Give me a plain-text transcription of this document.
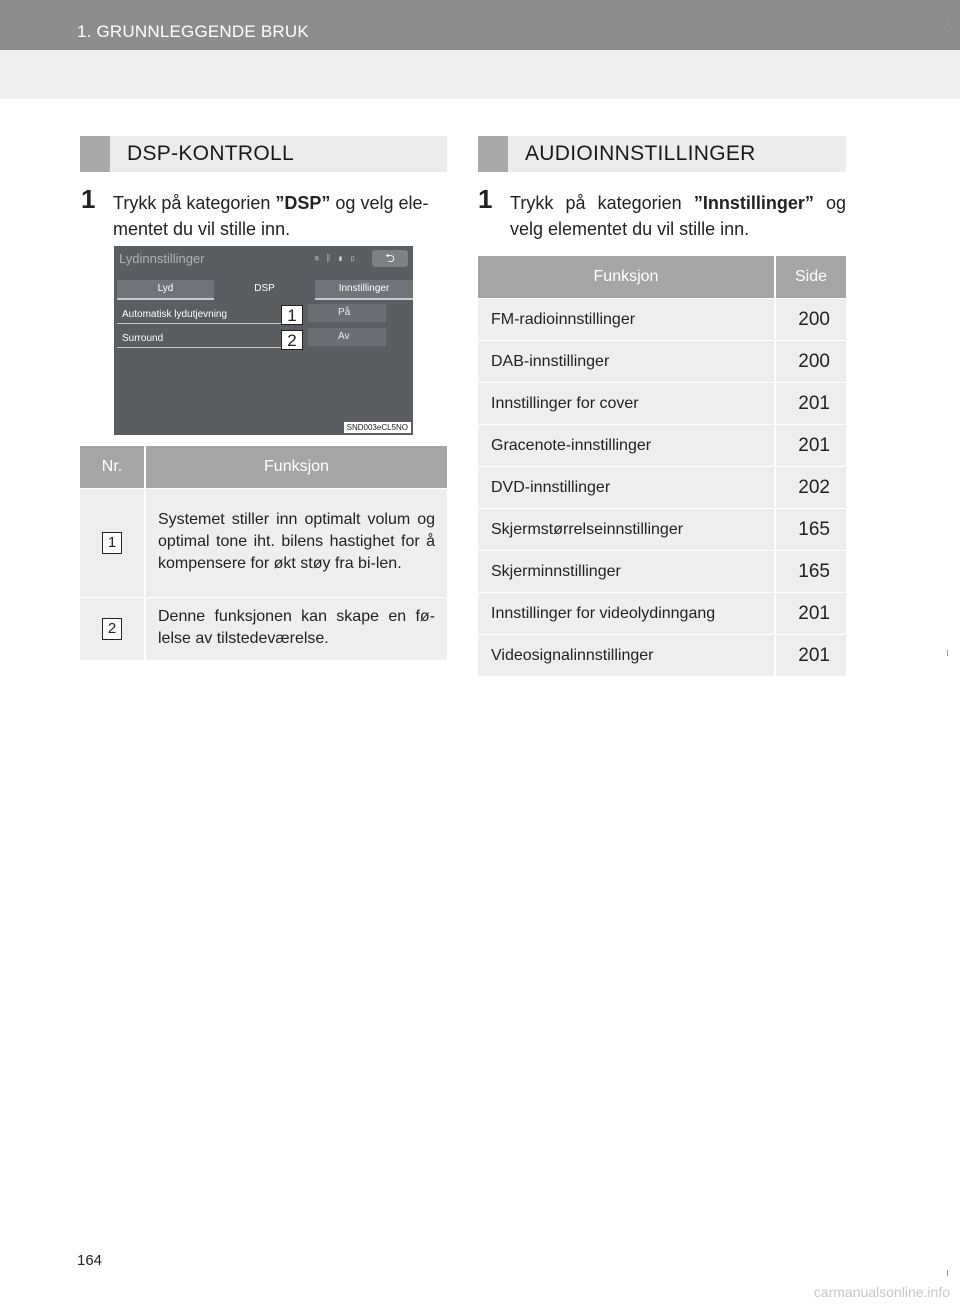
1. GRUNNLEGGENDE BRUK
DSP-KONTROLL
1 Trykk på kategorien ”DSP” og velg ele-mentet du vil stille inn.
Lydinnstillinger	≋ ᛒ ▮ ▯	⮌
Lyd	DSP	Innstillinger
Automatisk lydutjevning	På
Surround	Av
1
2
SND003eCL5NO
Nr.	Funksjon
1	Systemet stiller inn optimalt volum og optimal tone iht. bilens hastighet for å kompensere for økt støy fra bi-len.
2	Denne funksjonen kan skape en fø-lelse av tilstedeværelse.
AUDIOINNSTILLINGER
1 Trykk på kategorien ”Innstillinger” og velg elementet du vil stille inn.
Funksjon	Side
FM-radioinnstillinger	200
DAB-innstillinger	200
Innstillinger for cover	201
Gracenote-innstillinger	201
DVD-innstillinger	202
Skjermstørrelseinnstillinger	165
Skjerminnstillinger	165
Innstillinger for videolydinngang	201
Videosignalinnstillinger	201
164
carmanualsonline.info
